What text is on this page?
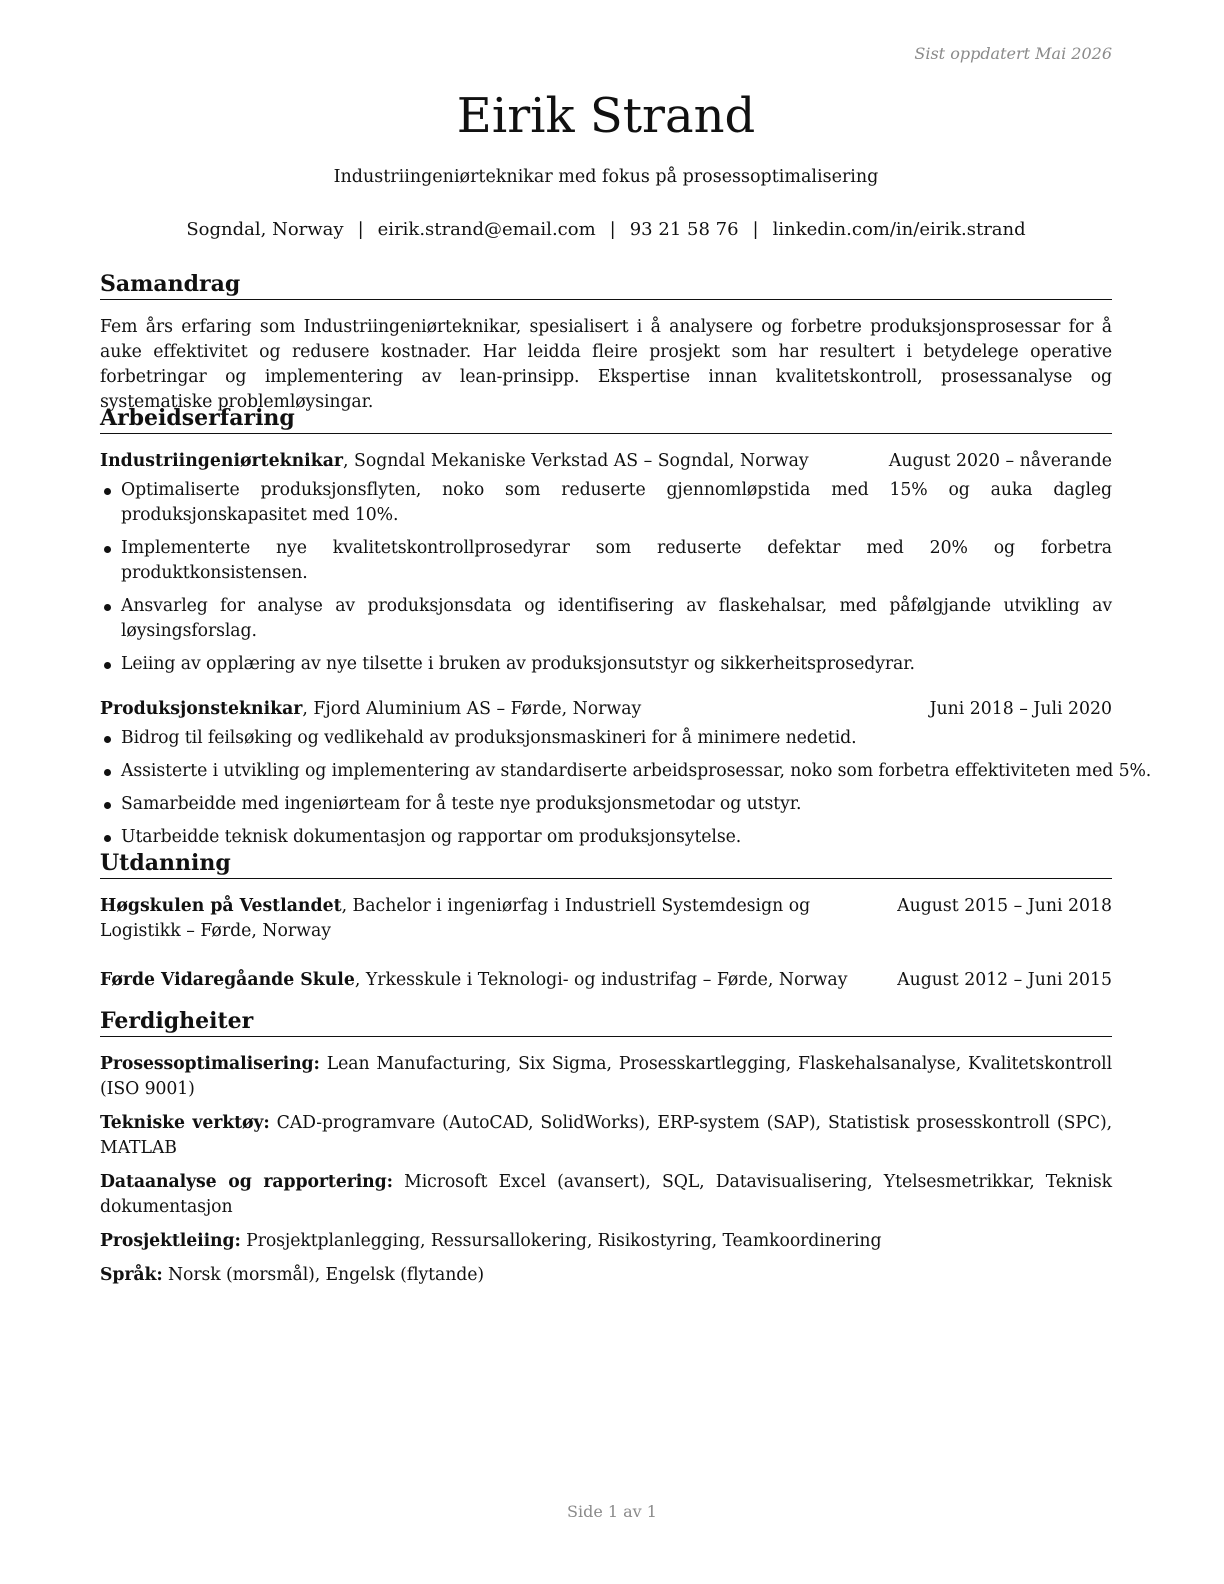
Sist oppdatert Mai 2026
Eirik Strand
Industriingeniørteknikar med fokus på prosessoptimalisering
Sogndal, Norway | eirik.strand@email.com | 93 21 58 76 | linkedin.com/in/eirik.strand
Samandrag
Fem års erfaring som Industriingeniørteknikar, spesialisert i å analysere og forbetre produksjonsprosessar for å auke effektivitet og redusere kostnader. Har leidda fleire prosjekt som har resultert i betydelege operative forbetringar og implementering av lean-prinsipp. Ekspertise innan kvalitetskontroll, prosessanalyse og systematiske problemløysingar.
Arbeidserfaring
Industriingeniørteknikar, Sogndal Mekaniske Verkstad AS – Sogndal, Norway	August 2020 – nåverande
Optimaliserte produksjonsflyten, noko som reduserte gjennomløpstida med 15% og auka dagleg produksjonskapasitet med 10%.
Implementerte nye kvalitetskontrollprosedyrar som reduserte defektar med 20% og forbetra produktkonsistensen.
Ansvarleg for analyse av produksjonsdata og identifisering av flaskehalsar, med påfølgjande utvikling av løysingsforslag.
Leiing av opplæring av nye tilsette i bruken av produksjonsutstyr og sikkerheitsprosedyrar.
Produksjonsteknikar, Fjord Aluminium AS – Førde, Norway	Juni 2018 – Juli 2020
Bidrog til feilsøking og vedlikehald av produksjonsmaskineri for å minimere nedetid.
Assisterte i utvikling og implementering av standardiserte arbeidsprosessar, noko som forbetra effektiviteten med 5%.
Samarbeidde med ingeniørteam for å teste nye produksjonsmetodar og utstyr.
Utarbeidde teknisk dokumentasjon og rapportar om produksjonsytelse.
Utdanning
Høgskulen på Vestlandet, Bachelor i ingeniørfag i Industriell Systemdesign og Logistikk – Førde, Norway
August 2015 – Juni 2018
Førde Vidaregåande Skule, Yrkesskule i Teknologi- og industrifag – Førde, Norway	August 2012 – Juni 2015
Ferdigheiter
Prosessoptimalisering: Lean Manufacturing, Six Sigma, Prosesskartlegging, Flaskehalsanalyse, Kvalitetskontroll (ISO 9001)
Tekniske verktøy: CAD-programvare (AutoCAD, SolidWorks), ERP-system (SAP), Statistisk prosesskontroll (SPC), MATLAB
Dataanalyse og rapportering: Microsoft Excel (avansert), SQL, Datavisualisering, Ytelsesmetrikkar, Teknisk dokumentasjon
Prosjektleiing: Prosjektplanlegging, Ressursallokering, Risikostyring, Teamkoordinering
Språk: Norsk (morsmål), Engelsk (flytande)
Side 1 av 1
